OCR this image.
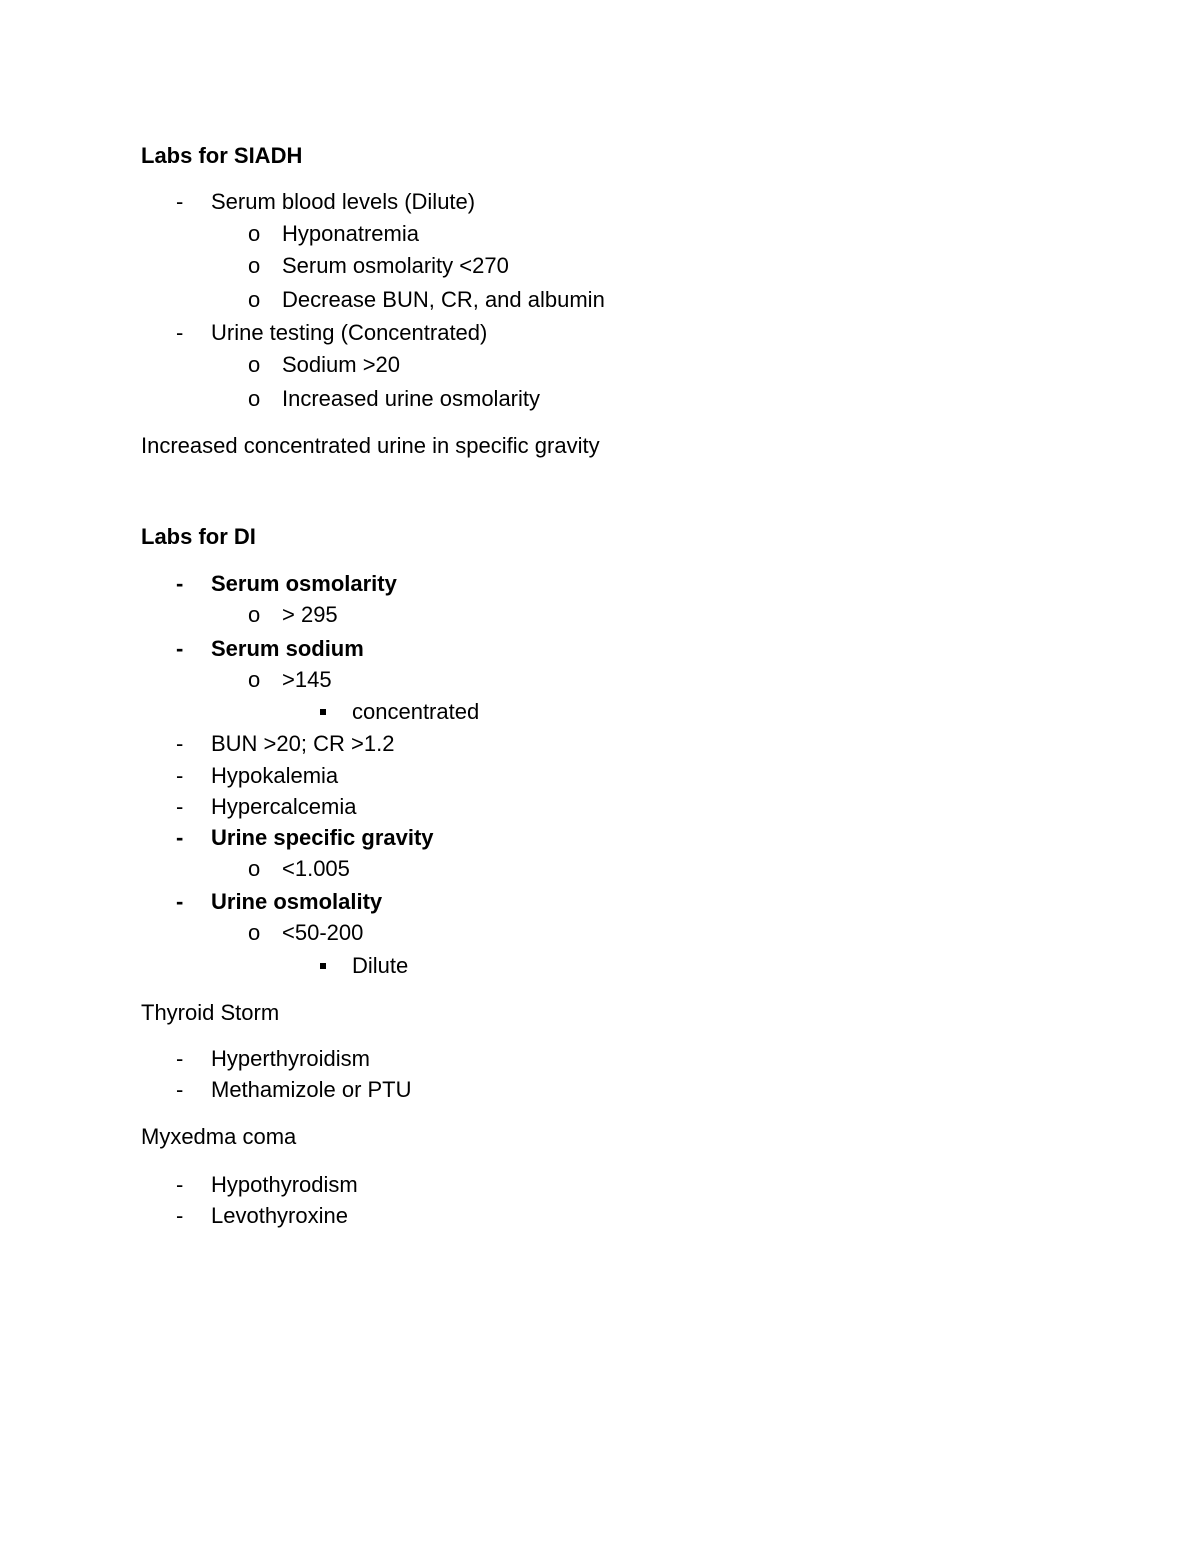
Labs for SIADH
- Serum blood levels (Dilute)
o Hyponatremia
o Serum osmolarity <270
o Decrease BUN, CR, and albumin
- Urine testing (Concentrated)
o Sodium >20
o Increased urine osmolarity
Increased concentrated urine in specific gravity
Labs for DI
- Serum osmolarity
o > 295
- Serum sodium
o >145
concentrated
- BUN >20; CR >1.2
- Hypokalemia
- Hypercalcemia
- Urine specific gravity
o <1.005
- Urine osmolality
o <50-200
Dilute
Thyroid Storm
- Hyperthyroidism
- Methamizole or PTU
Myxedma coma
- Hypothyrodism
- Levothyroxine
